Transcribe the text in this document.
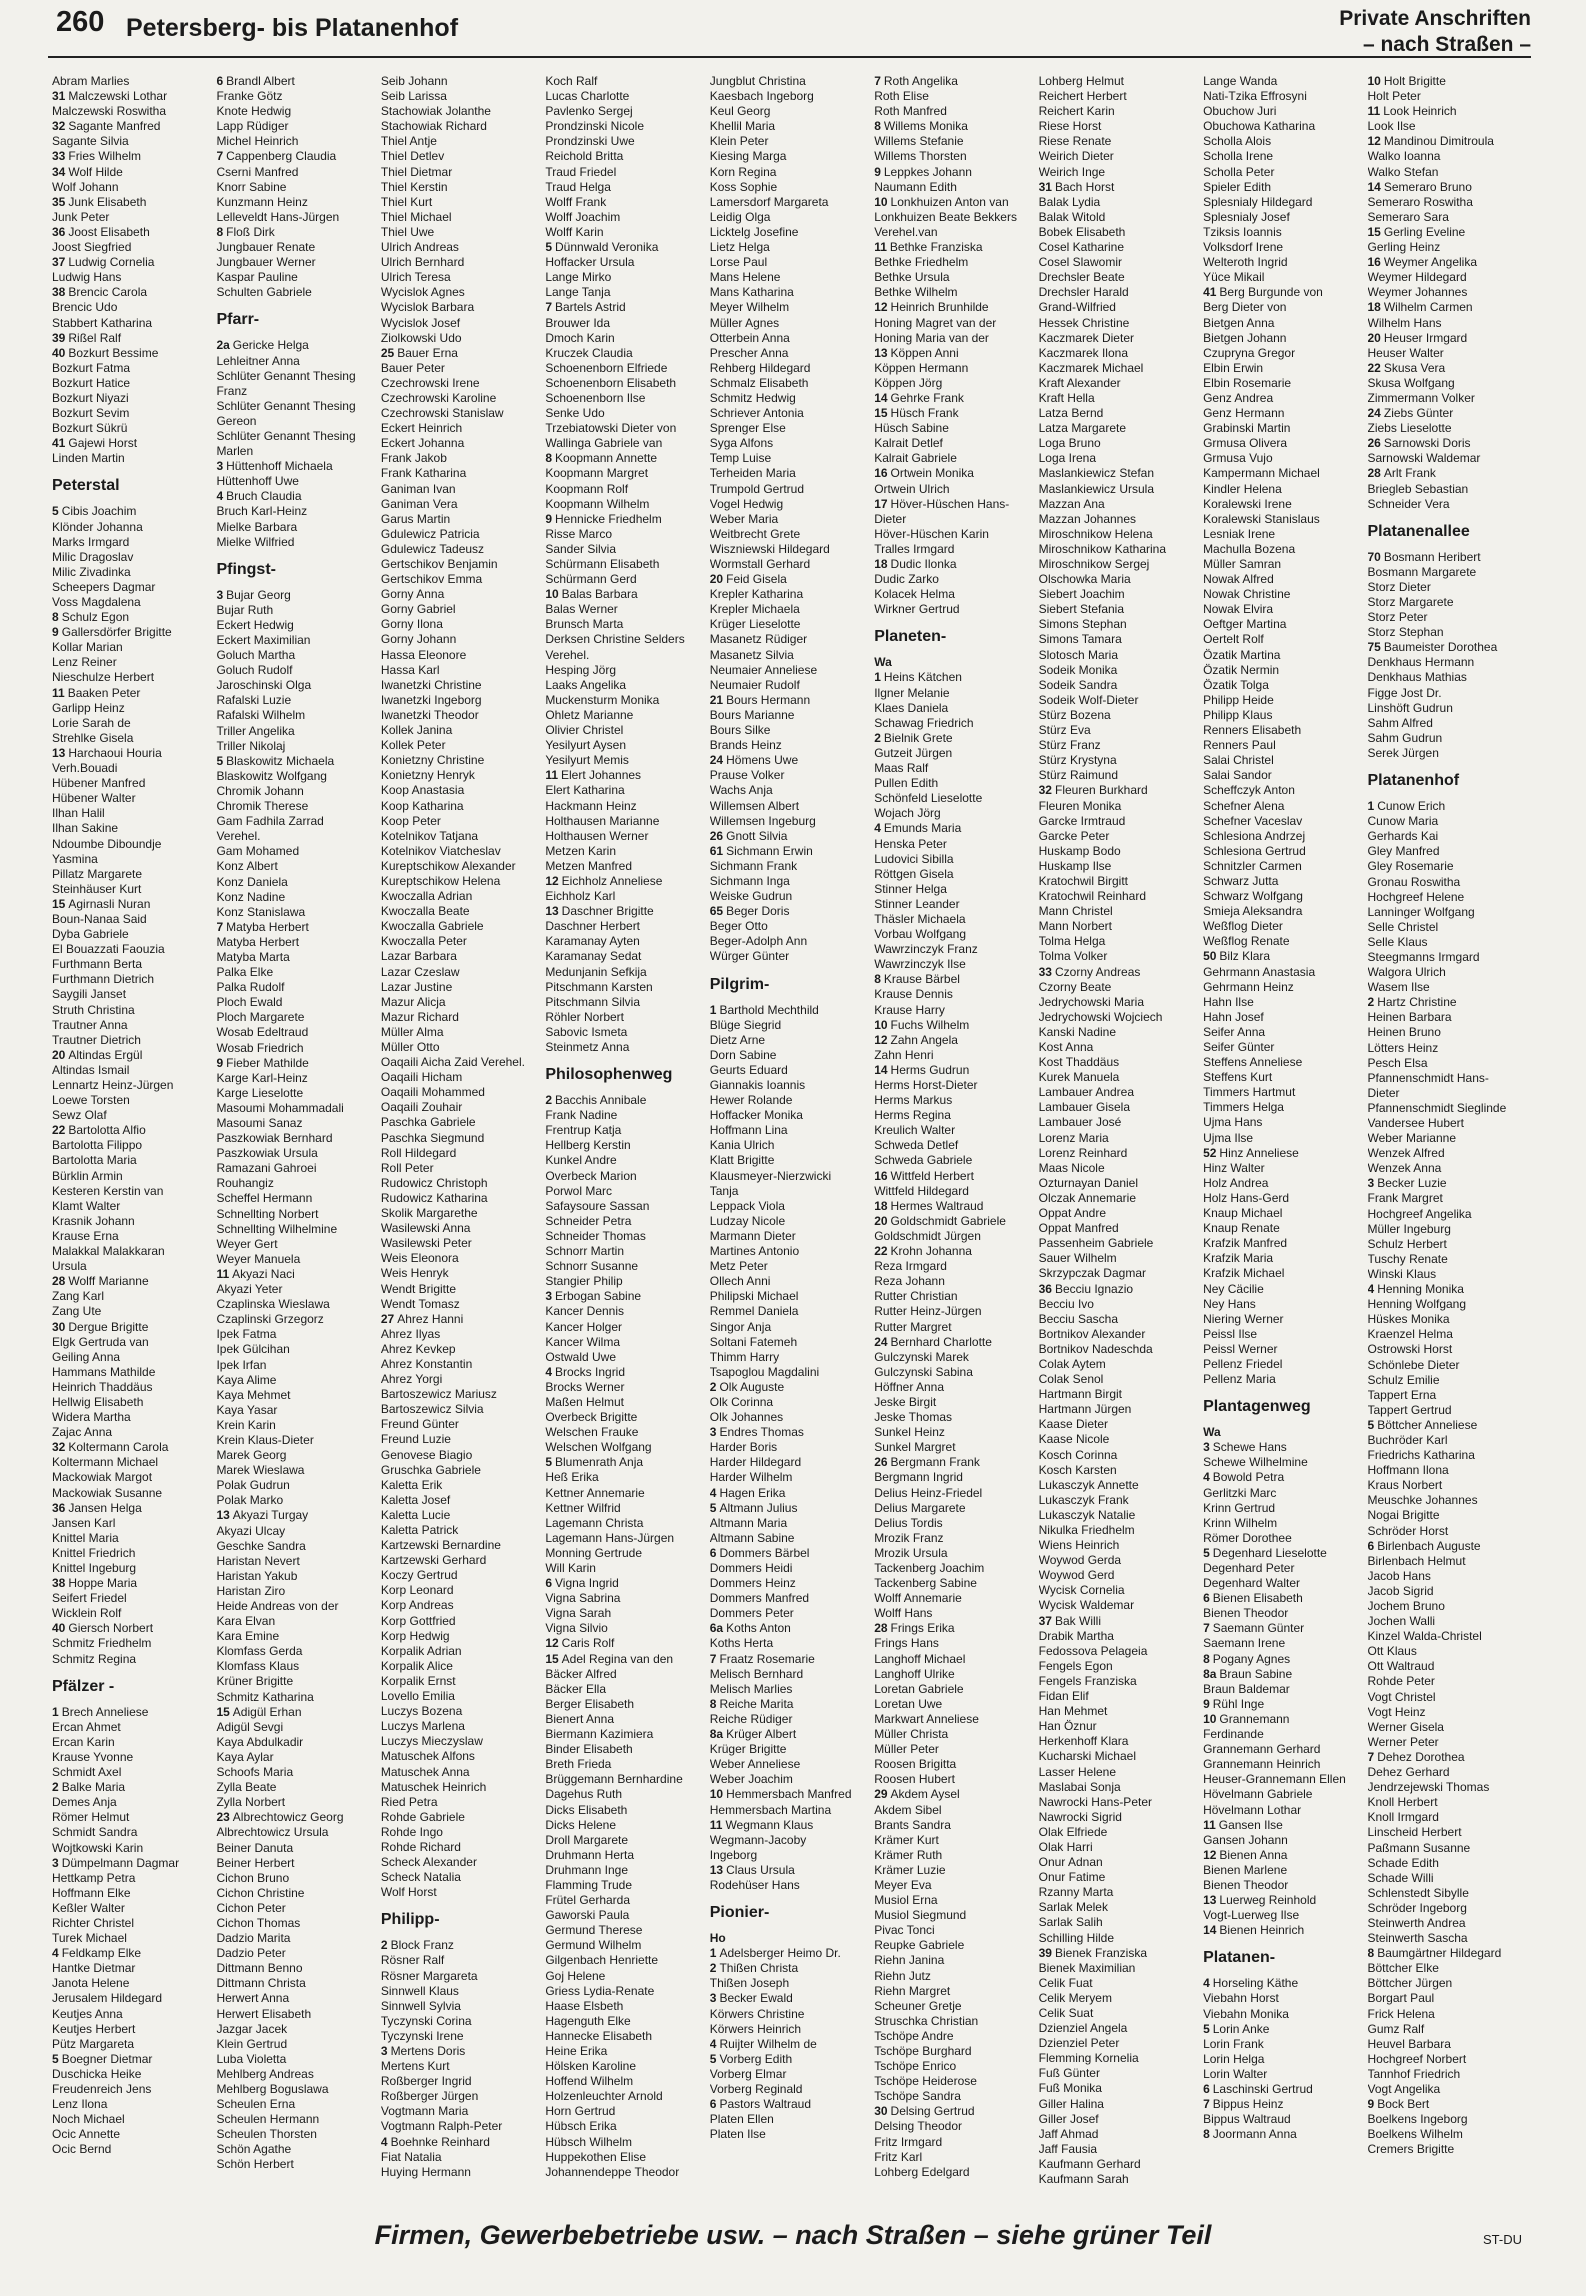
260 Petersberg- bis Platanenhof	Private Anschriften
– nach Straßen –
Abram Marlies
31 Malczewski Lothar
Malczewski Roswitha
32 Sagante Manfred
Sagante Silvia
33 Fries Wilhelm
34 Wolf Hilde
Wolf Johann
35 Junk Elisabeth
Junk Peter
36 Joost Elisabeth
Joost Siegfried
37 Ludwig Cornelia
Ludwig Hans
38 Brencic Carola
Brencic Udo
Stabbert Katharina
39 Rißel Ralf
40 Bozkurt Bessime
Bozkurt Fatma
Bozkurt Hatice
Bozkurt Niyazi
Bozkurt Sevim
Bozkurt Sükrü
41 Gajewi Horst
Linden Martin
Peterstal
5 Cibis Joachim
Klönder Johanna
Marks Irmgard
Milic Dragoslav
Milic Zivadinka
Scheepers Dagmar
Voss Magdalena
8 Schulz Egon
9 Gallersdörfer Brigitte
Kollar Marian
Lenz Reiner
Nieschulze Herbert
11 Baaken Peter
Garlipp Heinz
Lorie Sarah de
Strehlke Gisela
13 Harchaoui Houria
Verh.Bouadi
Hübener Manfred
Hübener Walter
Ilhan Halil
Ilhan Sakine
Ndoumbe Diboundje
Yasmina
Pillatz Margarete
Steinhäuser Kurt
15 Agirnasli Nuran
Boun-Nanaa Said
Dyba Gabriele
El Bouazzati Faouzia
Furthmann Berta
Furthmann Dietrich
Saygili Janset
Struth Christina
Trautner Anna
Trautner Dietrich
20 Altindas Ergül
Altindas Ismail
Lennartz Heinz-Jürgen
Loewe Torsten
Sewz Olaf
22 Bartolotta Alfio
Bartolotta Filippo
Bartolotta Maria
Bürklin Armin
Kesteren Kerstin van
Klamt Walter
Krasnik Johann
Krause Erna
Malakkal Malakkaran
Ursula
28 Wolff Marianne
Zang Karl
Zang Ute
30 Dergue Brigitte
Elgk Gertruda van
Geiling Anna
Hammans Mathilde
Heinrich Thaddäus
Hellwig Elisabeth
Widera Martha
Zajac Anna
32 Koltermann Carola
Koltermann Michael
Mackowiak Margot
Mackowiak Susanne
36 Jansen Helga
Jansen Karl
Knittel Maria
Knittel Friedrich
Knittel Ingeburg
38 Hoppe Maria
Seifert Friedel
Wicklein Rolf
40 Giersch Norbert
Schmitz Friedhelm
Schmitz Regina
Pfälzer -
1 Brech Anneliese
Ercan Ahmet
Ercan Karin
Krause Yvonne
Schmidt Axel
2 Balke Maria
Demes Anja
Römer Helmut
Schmidt Sandra
Wojtkowski Karin
3 Dümpelmann Dagmar
Hettkamp Petra
Hoffmann Elke
Keßler Walter
Richter Christel
Turek Michael
4 Feldkamp Elke
Hantke Dietmar
Janota Helene
Jerusalem Hildegard
Keutjes Anna
Keutjes Herbert
Pütz Margareta
5 Boegner Dietmar
Duschicka Heike
Freudenreich Jens
Lenz Ilona
Noch Michael
Ocic Annette
Ocic Bernd
6 Brandl Albert
Franke Götz
Knote Hedwig
Lapp Rüdiger
Michel Heinrich
7 Cappenberg Claudia
Cserni Manfred
Knorr Sabine
Kunzmann Heinz
Lelleveldt Hans-Jürgen
8 Floß Dirk
Jungbauer Renate
Jungbauer Werner
Kaspar Pauline
Schulten Gabriele
Pfarr-
2a Gericke Helga
Lehleitner Anna
Schlüter Genannt Thesing
Franz
Schlüter Genannt Thesing
Gereon
Schlüter Genannt Thesing
Marlen
3 Hüttenhoff Michaela
Hüttenhoff Uwe
4 Bruch Claudia
Bruch Karl-Heinz
Mielke Barbara
Mielke Wilfried
Pfingst-
3 Bujar Georg
Bujar Ruth
Eckert Hedwig
Eckert Maximilian
Goluch Martha
Goluch Rudolf
Jaroschinski Olga
Rafalski Luzie
Rafalski Wilhelm
Triller Angelika
Triller Nikolaj
5 Blaskowitz Michaela
Blaskowitz Wolfgang
Chromik Johann
Chromik Therese
Gam Fadhila Zarrad
Verehel.
Gam Mohamed
Konz Albert
Konz Daniela
Konz Nadine
Konz Stanislawa
7 Matyba Herbert
Matyba Herbert
Matyba Marta
Palka Elke
Palka Rudolf
Ploch Ewald
Ploch Margarete
Wosab Edeltraud
Wosab Friedrich
9 Fieber Mathilde
Karge Karl-Heinz
Karge Lieselotte
Masoumi Mohammadali
Masoumi Sanaz
Paszkowiak Bernhard
Paszkowiak Ursula
Ramazani Gahroei
Rouhangiz
Scheffel Hermann
Schnellting Norbert
Schnellting Wilhelmine
Weyer Gert
Weyer Manuela
11 Akyazi Naci
Akyazi Yeter
Czaplinska Wieslawa
Czaplinski Grzegorz
Ipek Fatma
Ipek Gülcihan
Ipek Irfan
Kaya Alime
Kaya Mehmet
Kaya Yasar
Krein Karin
Krein Klaus-Dieter
Marek Georg
Marek Wieslawa
Polak Gudrun
Polak Marko
13 Akyazi Turgay
Akyazi Ulcay
Geschke Sandra
Haristan Nevert
Haristan Yakub
Haristan Ziro
Heide Andreas von der
Kara Elvan
Kara Emine
Klomfass Gerda
Klomfass Klaus
Krüner Brigitte
Schmitz Katharina
15 Adigül Erhan
Adigül Sevgi
Kaya Abdulkadir
Kaya Aylar
Schoofs Maria
Zylla Beate
Zylla Norbert
23 Albrechtowicz Georg
Albrechtowicz Ursula
Beiner Danuta
Beiner Herbert
Cichon Bruno
Cichon Christine
Cichon Peter
Cichon Thomas
Dadzio Marita
Dadzio Peter
Dittmann Benno
Dittmann Christa
Herwert Anna
Herwert Elisabeth
Jazgar Jacek
Klein Gertrud
Luba Violetta
Mehlberg Andreas
Mehlberg Boguslawa
Scheulen Erna
Scheulen Hermann
Scheulen Thorsten
Schön Agathe
Schön Herbert
Seib Johann
Seib Larissa
Stachowiak Jolanthe
Stachowiak Richard
Thiel Antje
Thiel Detlev
Thiel Dietmar
Thiel Kerstin
Thiel Kurt
Thiel Michael
Thiel Uwe
Ulrich Andreas
Ulrich Bernhard
Ulrich Teresa
Wycislok Agnes
Wycislok Barbara
Wycislok Josef
Ziolkowski Udo
25 Bauer Erna
Bauer Peter
Czechrowski Irene
Czechrowski Karoline
Czechrowski Stanislaw
Eckert Heinrich
Eckert Johanna
Frank Jakob
Frank Katharina
Ganiman Ivan
Ganiman Vera
Garus Martin
Gdulewicz Patricia
Gdulewicz Tadeusz
Gertschikov Benjamin
Gertschikov Emma
Gorny Anna
Gorny Gabriel
Gorny Ilona
Gorny Johann
Hassa Eleonore
Hassa Karl
Iwanetzki Christine
Iwanetzki Ingeborg
Iwanetzki Theodor
Kollek Janina
Kollek Peter
Konietzny Christine
Konietzny Henryk
Koop Anastasia
Koop Katharina
Koop Peter
Kotelnikov Tatjana
Kotelnikov Viatcheslav
Kureptschikow Alexander
Kureptschikow Helena
Kwoczalla Adrian
Kwoczalla Beate
Kwoczalla Gabriele
Kwoczalla Peter
Lazar Barbara
Lazar Czeslaw
Lazar Justine
Mazur Alicja
Mazur Richard
Müller Alma
Müller Otto
Oaqaili Aicha Zaid Verehel.
Oaqaili Hicham
Oaqaili Mohammed
Oaqaili Zouhair
Paschka Gabriele
Paschka Siegmund
Roll Hildegard
Roll Peter
Rudowicz Christoph
Rudowicz Katharina
Skolik Margarethe
Wasilewski Anna
Wasilewski Peter
Weis Eleonora
Weis Henryk
Wendt Brigitte
Wendt Tomasz
27 Ahrez Hanni
Ahrez Ilyas
Ahrez Kevkep
Ahrez Konstantin
Ahrez Yorgi
Bartoszewicz Mariusz
Bartoszewicz Silvia
Freund Günter
Freund Luzie
Genovese Biagio
Gruschka Gabriele
Kaletta Erik
Kaletta Josef
Kaletta Lucie
Kaletta Patrick
Kartzewski Bernardine
Kartzewski Gerhard
Koczy Gertrud
Korp Leonard
Korp Andreas
Korp Gottfried
Korp Hedwig
Korpalik Adrian
Korpalik Alice
Korpalik Ernst
Lovello Emilia
Luczys Bozena
Luczys Marlena
Luczys Mieczyslaw
Matuschek Alfons
Matuschek Anna
Matuschek Heinrich
Ried Petra
Rohde Gabriele
Rohde Ingo
Rohde Richard
Scheck Alexander
Scheck Natalia
Wolf Horst
Philipp-
2 Block Franz
Rösner Ralf
Rösner Margareta
Sinnwell Klaus
Sinnwell Sylvia
Tyczynski Corina
Tyczynski Irene
3 Mertens Doris
Mertens Kurt
Roßberger Ingrid
Roßberger Jürgen
Vogtmann Maria
Vogtmann Ralph-Peter
4 Boehnke Reinhard
Fiat Natalia
Huying Hermann
Koch Ralf
Lucas Charlotte
Pavlenko Sergej
Prondzinski Nicole
Prondzinski Uwe
Reichold Britta
Traud Friedel
Traud Helga
Wolff Frank
Wolff Joachim
Wolff Karin
5 Dünnwald Veronika
Hoffacker Ursula
Lange Mirko
Lange Tanja
7 Bartels Astrid
Brouwer Ida
Dmoch Karin
Kruczek Claudia
Schoenenborn Elfriede
Schoenenborn Elisabeth
Schoenenborn Ilse
Senke Udo
Trzebiatowski Dieter von
Wallinga Gabriele van
8 Koopmann Annette
Koopmann Margret
Koopmann Rolf
Koopmann Wilhelm
9 Hennicke Friedhelm
Risse Marco
Sander Silvia
Schürmann Elisabeth
Schürmann Gerd
10 Balas Barbara
Balas Werner
Brunsch Marta
Derksen Christine Selders
Verehel.
Hesping Jörg
Laaks Angelika
Muckensturm Monika
Ohletz Marianne
Olivier Christel
Yesilyurt Aysen
Yesilyurt Memis
11 Elert Johannes
Elert Katharina
Hackmann Heinz
Holthausen Marianne
Holthausen Werner
Metzen Karin
Metzen Manfred
12 Eichholz Anneliese
Eichholz Karl
13 Daschner Brigitte
Daschner Herbert
Karamanay Ayten
Karamanay Sedat
Medunjanin Sefkija
Pitschmann Karsten
Pitschmann Silvia
Röhler Norbert
Sabovic Ismeta
Steinmetz Anna
Philosophenweg
2 Bacchis Annibale
Frank Nadine
Frentrup Katja
Hellberg Kerstin
Kunkel Andre
Overbeck Marion
Porwol Marc
Safaysoure Sassan
Schneider Petra
Schneider Thomas
Schnorr Martin
Schnorr Susanne
Stangier Philip
3 Erbogan Sabine
Kancer Dennis
Kancer Holger
Kancer Wilma
Ostwald Uwe
4 Brocks Ingrid
Brocks Werner
Maßen Helmut
Overbeck Brigitte
Welschen Frauke
Welschen Wolfgang
5 Blumenrath Anja
Heß Erika
Kettner Annemarie
Kettner Wilfrid
Lagemann Christa
Lagemann Hans-Jürgen
Monning Gertrude
Will Karin
6 Vigna Ingrid
Vigna Sabrina
Vigna Sarah
Vigna Silvio
12 Caris Rolf
15 Adel Regina van den
Bäcker Alfred
Bäcker Ella
Berger Elisabeth
Bienert Anna
Biermann Kazimiera
Binder Elisabeth
Breth Frieda
Brüggemann Bernhardine
Dagehus Ruth
Dicks Elisabeth
Dicks Helene
Droll Margarete
Druhmann Herta
Druhmann Inge
Flamming Trude
Frütel Gerharda
Gaworski Paula
Germund Therese
Germund Wilhelm
Gilgenbach Henriette
Goj Helene
Griess Lydia-Renate
Haase Elsbeth
Hagenguth Elke
Hannecke Elisabeth
Heine Erika
Hölsken Karoline
Hoffend Wilhelm
Holzenleuchter Arnold
Horn Gertrud
Hübsch Erika
Hübsch Wilhelm
Huppekothen Elise
Johannendeppe Theodor
Jungblut Christina
Kaesbach Ingeborg
Keul Georg
Khellil Maria
Klein Peter
Kiesing Marga
Korn Regina
Koss Sophie
Lamersdorf Margareta
Leidig Olga
Licktelg Josefine
Lietz Helga
Lorse Paul
Mans Helene
Mans Katharina
Meyer Wilhelm
Müller Agnes
Otterbein Anna
Prescher Anna
Rehberg Hildegard
Schmalz Elisabeth
Schmitz Hedwig
Schriever Antonia
Sprenger Else
Syga Alfons
Temp Luise
Terheiden Maria
Trumpold Gertrud
Vogel Hedwig
Weber Maria
Weitbrecht Grete
Wiszniewski Hildegard
Wormstall Gerhard
20 Feid Gisela
Krepler Katharina
Krepler Michaela
Krüger Lieselotte
Masanetz Rüdiger
Masanetz Silvia
Neumaier Anneliese
Neumaier Rudolf
21 Bours Hermann
Bours Marianne
Bours Silke
Brands Heinz
24 Hömens Uwe
Prause Volker
Wachs Anja
Willemsen Albert
Willemsen Ingeburg
26 Gnott Silvia
61 Sichmann Erwin
Sichmann Frank
Sichmann Inga
Weiske Gudrun
65 Beger Doris
Beger Otto
Beger-Adolph Ann
Würger Günter
Pilgrim-
1 Barthold Mechthild
Blüge Siegrid
Dietz Arne
Dorn Sabine
Geurts Eduard
Giannakis Ioannis
Hewer Rolande
Hoffacker Monika
Hoffmann Lina
Kania Ulrich
Klatt Brigitte
Klausmeyer-Nierzwicki
Tanja
Leppack Viola
Ludzay Nicole
Marmann Dieter
Martines Antonio
Metz Peter
Ollech Anni
Philipski Michael
Remmel Daniela
Singor Anja
Soltani Fatemeh
Thimm Harry
Tsapoglou Magdalini
2 Olk Auguste
Olk Corinna
Olk Johannes
3 Endres Thomas
Harder Boris
Harder Hildegard
Harder Wilhelm
4 Hagen Erika
5 Altmann Julius
Altmann Maria
Altmann Sabine
6 Dommers Bärbel
Dommers Heidi
Dommers Heinz
Dommers Manfred
Dommers Peter
6a Koths Anton
Koths Herta
7 Fraatz Rosemarie
Melisch Bernhard
Melisch Marlies
8 Reiche Marita
Reiche Rüdiger
8a Krüger Albert
Krüger Brigitte
Weber Anneliese
Weber Joachim
10 Hemmersbach Manfred
Hemmersbach Martina
11 Wegmann Klaus
Wegmann-Jacoby
Ingeborg
13 Claus Ursula
Rodehüser Hans
Pionier-
Ho
1 Adelsberger Heimo Dr.
2 Thißen Christa
Thißen Joseph
3 Becker Ewald
Körwers Christine
Körwers Heinrich
4 Ruijter Wilhelm de
5 Vorberg Edith
Vorberg Elmar
Vorberg Reginald
6 Pastors Waltraud
Platen Ellen
Platen Ilse
7 Roth Angelika
Roth Elise
Roth Manfred
8 Willems Monika
Willems Stefanie
Willems Thorsten
9 Leppkes Johann
Naumann Edith
10 Lonkhuizen Anton van
Lonkhuizen Beate Bekkers
Verehel.van
11 Bethke Franziska
Bethke Friedhelm
Bethke Ursula
Bethke Wilhelm
12 Heinrich Brunhilde
Honing Magret van der
Honing Maria van der
13 Köppen Anni
Köppen Hermann
Köppen Jörg
14 Gehrke Frank
15 Hüsch Frank
Hüsch Sabine
Kalrait Detlef
Kalrait Gabriele
16 Ortwein Monika
Ortwein Ulrich
17 Höver-Hüschen Hans-
Dieter
Höver-Hüschen Karin
Tralles Irmgard
18 Dudic Ilonka
Dudic Zarko
Kolacek Helma
Wirkner Gertrud
Planeten-
Wa
1 Heins Kätchen
Ilgner Melanie
Klaes Daniela
Schawag Friedrich
2 Bielnik Grete
Gutzeit Jürgen
Maas Ralf
Pullen Edith
Schönfeld Lieselotte
Wojach Jörg
4 Emunds Maria
Henska Peter
Ludovici Sibilla
Röttgen Gisela
Stinner Helga
Stinner Leander
Thäsler Michaela
Vorbau Wolfgang
Wawrzinczyk Franz
Wawrzinczyk Ilse
8 Krause Bärbel
Krause Dennis
Krause Harry
10 Fuchs Wilhelm
12 Zahn Angela
Zahn Henri
14 Herms Gudrun
Herms Horst-Dieter
Herms Markus
Herms Regina
Kreulich Walter
Schweda Detlef
Schweda Gabriele
16 Wittfeld Herbert
Wittfeld Hildegard
18 Hermes Waltraud
20 Goldschmidt Gabriele
Goldschmidt Jürgen
22 Krohn Johanna
Reza Irmgard
Reza Johann
Rutter Christian
Rutter Heinz-Jürgen
Rutter Margret
24 Bernhard Charlotte
Gulczynski Marek
Gulczynski Sabina
Höffner Anna
Jeske Birgit
Jeske Thomas
Sunkel Heinz
Sunkel Margret
26 Bergmann Frank
Bergmann Ingrid
Delius Heinz-Friedel
Delius Margarete
Delius Tordis
Mrozik Franz
Mrozik Ursula
Tackenberg Joachim
Tackenberg Sabine
Wolff Annemarie
Wolff Hans
28 Frings Erika
Frings Hans
Langhoff Michael
Langhoff Ulrike
Loretan Gabriele
Loretan Uwe
Markwart Anneliese
Müller Christa
Müller Peter
Roosen Brigitta
Roosen Hubert
29 Akdem Aysel
Akdem Sibel
Brants Sandra
Krämer Kurt
Krämer Ruth
Krämer Luzie
Meyer Eva
Musiol Erna
Musiol Siegmund
Pivac Tonci
Reupke Gabriele
Riehn Janina
Riehn Jutz
Riehn Margret
Scheuner Gretje
Struschka Christian
Tschöpe Andre
Tschöpe Burghard
Tschöpe Enrico
Tschöpe Heiderose
Tschöpe Sandra
30 Delsing Gertrud
Delsing Theodor
Fritz Irmgard
Fritz Karl
Lohberg Edelgard
Lohberg Helmut
Reichert Herbert
Reichert Karin
Riese Horst
Riese Renate
Weirich Dieter
Weirich Inge
31 Bach Horst
Balak Lydia
Balak Witold
Bobek Elisabeth
Cosel Katharine
Cosel Slawomir
Drechsler Beate
Drechsler Harald
Grand-Wilfried
Hessek Christine
Kaczmarek Dieter
Kaczmarek Ilona
Kaczmarek Michael
Kraft Alexander
Kraft Hella
Latza Bernd
Latza Margarete
Loga Bruno
Loga Irena
Maslankiewicz Stefan
Maslankiewicz Ursula
Mazzan Ana
Mazzan Johannes
Miroschnikow Helena
Miroschnikow Katharina
Miroschnikow Sergej
Olschowka Maria
Siebert Joachim
Siebert Stefania
Simons Stephan
Simons Tamara
Slotosch Maria
Sodeik Monika
Sodeik Sandra
Sodeik Wolf-Dieter
Stürz Bozena
Stürz Eva
Stürz Franz
Stürz Krystyna
Stürz Raimund
32 Fleuren Burkhard
Fleuren Monika
Garcke Irmtraud
Garcke Peter
Huskamp Bodo
Huskamp Ilse
Kratochwil Birgitt
Kratochwil Reinhard
Mann Christel
Mann Norbert
Tolma Helga
Tolma Volker
33 Czorny Andreas
Czorny Beate
Jedrychowski Maria
Jedrychowski Wojciech
Kanski Nadine
Kost Anna
Kost Thaddäus
Kurek Manuela
Lambauer Andrea
Lambauer Gisela
Lambauer José
Lorenz Maria
Lorenz Reinhard
Maas Nicole
Ozturnayan Daniel
Olczak Annemarie
Oppat Andre
Oppat Manfred
Passenheim Gabriele
Sauer Wilhelm
Skrzypczak Dagmar
36 Becciu Ignazio
Becciu Ivo
Becciu Sascha
Bortnikov Alexander
Bortnikov Nadeschda
Colak Aytem
Colak Senol
Hartmann Birgit
Hartmann Jürgen
Kaase Dieter
Kaase Nicole
Kosch Corinna
Kosch Karsten
Lukasczyk Annette
Lukasczyk Frank
Lukasczyk Natalie
Nikulka Friedhelm
Wiens Heinrich
Woywod Gerda
Woywod Gerd
Wycisk Cornelia
Wycisk Waldemar
37 Bak Willi
Drabik Martha
Fedossova Pelageia
Fengels Egon
Fengels Franziska
Fidan Elif
Han Mehmet
Han Öznur
Herkenhoff Klara
Kucharski Michael
Lasser Helene
Maslabai Sonja
Nawrocki Hans-Peter
Nawrocki Sigrid
Olak Elfriede
Olak Harri
Onur Adnan
Onur Fatime
Rzanny Marta
Sarlak Melek
Sarlak Salih
Schilling Hilde
39 Bienek Franziska
Bienek Maximilian
Celik Fuat
Celik Meryem
Celik Suat
Dzienziel Angela
Dzienziel Peter
Flemming Kornelia
Fuß Günter
Fuß Monika
Giller Halina
Giller Josef
Jaff Ahmad
Jaff Fausia
Kaufmann Gerhard
Kaufmann Sarah
Lange Wanda
Nati-Tzika Effrosyni
Obuchow Juri
Obuchowa Katharina
Scholla Alois
Scholla Irene
Scholla Peter
Spieler Edith
Splesnialy Hildegard
Splesnialy Josef
Tziksis Ioannis
Volksdorf Irene
Welteroth Ingrid
Yüce Mikail
41 Berg Burgunde von
Berg Dieter von
Bietgen Anna
Bietgen Johann
Czupryna Gregor
Elbin Erwin
Elbin Rosemarie
Genz Andrea
Genz Hermann
Grabinski Martin
Grmusa Olivera
Grmusa Vujo
Kampermann Michael
Kindler Helena
Koralewski Irene
Koralewski Stanislaus
Lesniak Irene
Machulla Bozena
Müller Samran
Nowak Alfred
Nowak Christine
Nowak Elvira
Oeftger Martina
Oertelt Rolf
Özatik Martina
Özatik Nermin
Özatik Tolga
Philipp Heide
Philipp Klaus
Renners Elisabeth
Renners Paul
Salai Christel
Salai Sandor
Scheffczyk Anton
Schefner Alena
Schefner Vaceslav
Schlesiona Andrzej
Schlesiona Gertrud
Schnitzler Carmen
Schwarz Jutta
Schwarz Wolfgang
Smieja Aleksandra
Weßflog Dieter
Weßflog Renate
50 Bilz Klara
Gehrmann Anastasia
Gehrmann Heinz
Hahn Ilse
Hahn Josef
Seifer Anna
Seifer Günter
Steffens Anneliese
Steffens Kurt
Timmers Hartmut
Timmers Helga
Ujma Hans
Ujma Ilse
52 Hinz Anneliese
Hinz Walter
Holz Andrea
Holz Hans-Gerd
Knaup Michael
Knaup Renate
Krafzik Manfred
Krafzik Maria
Krafzik Michael
Ney Cäcilie
Ney Hans
Niering Werner
Peissl Ilse
Peissl Werner
Pellenz Friedel
Pellenz Maria
Plantagenweg
Wa
3 Schewe Hans
Schewe Wilhelmine
4 Bowold Petra
Gerlitzki Marc
Krinn Gertrud
Krinn Wilhelm
Römer Dorothee
5 Degenhard Lieselotte
Degenhard Peter
Degenhard Walter
6 Bienen Elisabeth
Bienen Theodor
7 Saemann Günter
Saemann Irene
8 Pogany Agnes
8a Braun Sabine
Braun Baldemar
9 Rühl Inge
10 Grannemann
Ferdinande
Grannemann Gerhard
Grannemann Heinrich
Heuser-Grannemann Ellen
Hövelmann Gabriele
Hövelmann Lothar
11 Gansen Ilse
Gansen Johann
12 Bienen Anna
Bienen Marlene
Bienen Theodor
13 Luerweg Reinhold
Vogt-Luerweg Ilse
14 Bienen Heinrich
Platanen-
4 Horseling Käthe
Viebahn Horst
Viebahn Monika
5 Lorin Anke
Lorin Frank
Lorin Helga
Lorin Walter
6 Laschinski Gertrud
7 Bippus Heinz
Bippus Waltraud
8 Joormann Anna
10 Holt Brigitte
Holt Peter
11 Look Heinrich
Look Ilse
12 Mandinou Dimitroula
Walko Ioanna
Walko Stefan
14 Semeraro Bruno
Semeraro Roswitha
Semeraro Sara
15 Gerling Eveline
Gerling Heinz
16 Weymer Angelika
Weymer Hildegard
Weymer Johannes
18 Wilhelm Carmen
Wilhelm Hans
20 Heuser Irmgard
Heuser Walter
22 Skusa Vera
Skusa Wolfgang
Zimmermann Volker
24 Ziebs Günter
Ziebs Lieselotte
26 Sarnowski Doris
Sarnowski Waldemar
28 Arlt Frank
Briegleb Sebastian
Schneider Vera
Platanenallee
70 Bosmann Heribert
Bosmann Margarete
Storz Dieter
Storz Margarete
Storz Peter
Storz Stephan
75 Baumeister Dorothea
Denkhaus Hermann
Denkhaus Mathias
Figge Jost Dr.
Linshöft Gudrun
Sahm Alfred
Sahm Gudrun
Serek Jürgen
Platanenhof
1 Cunow Erich
Cunow Maria
Gerhards Kai
Gley Manfred
Gley Rosemarie
Gronau Roswitha
Hochgreef Helene
Lanninger Wolfgang
Selle Christel
Selle Klaus
Steegmanns Irmgard
Walgora Ulrich
Wasem Ilse
2 Hartz Christine
Heinen Barbara
Heinen Bruno
Lötters Heinz
Pesch Elsa
Pfannenschmidt Hans-
Dieter
Pfannenschmidt Sieglinde
Vandersee Hubert
Weber Marianne
Wenzek Alfred
Wenzek Anna
3 Becker Luzie
Frank Margret
Hochgreef Angelika
Müller Ingeburg
Schulz Herbert
Tuschy Renate
Winski Klaus
4 Henning Monika
Henning Wolfgang
Hüskes Monika
Kraenzel Helma
Ostrowski Horst
Schönlebe Dieter
Schulz Emilie
Tappert Erna
Tappert Gertrud
5 Böttcher Anneliese
Buchröder Karl
Friedrichs Katharina
Hoffmann Ilona
Kraus Norbert
Meuschke Johannes
Nogai Brigitte
Schröder Horst
6 Birlenbach Auguste
Birlenbach Helmut
Jacob Hans
Jacob Sigrid
Jochem Bruno
Jochen Walli
Kinzel Walda-Christel
Ott Klaus
Ott Waltraud
Rohde Peter
Vogt Christel
Vogt Heinz
Werner Gisela
Werner Peter
7 Dehez Dorothea
Dehez Gerhard
Jendrzejewski Thomas
Knoll Herbert
Knoll Irmgard
Linscheid Herbert
Paßmann Susanne
Schade Edith
Schade Willi
Schlenstedt Sibylle
Schröder Ingeborg
Steinwerth Andrea
Steinwerth Sascha
8 Baumgärtner Hildegard
Böttcher Elke
Böttcher Jürgen
Borgart Paul
Frick Helena
Gumz Ralf
Heuvel Barbara
Hochgreef Norbert
Tannhof Friedrich
Vogt Angelika
9 Bock Bert
Boelkens Ingeborg
Boelkens Wilhelm
Cremers Brigitte
Firmen, Gewerbebetriebe usw. – nach Straßen – siehe grüner Teil	ST-DU
